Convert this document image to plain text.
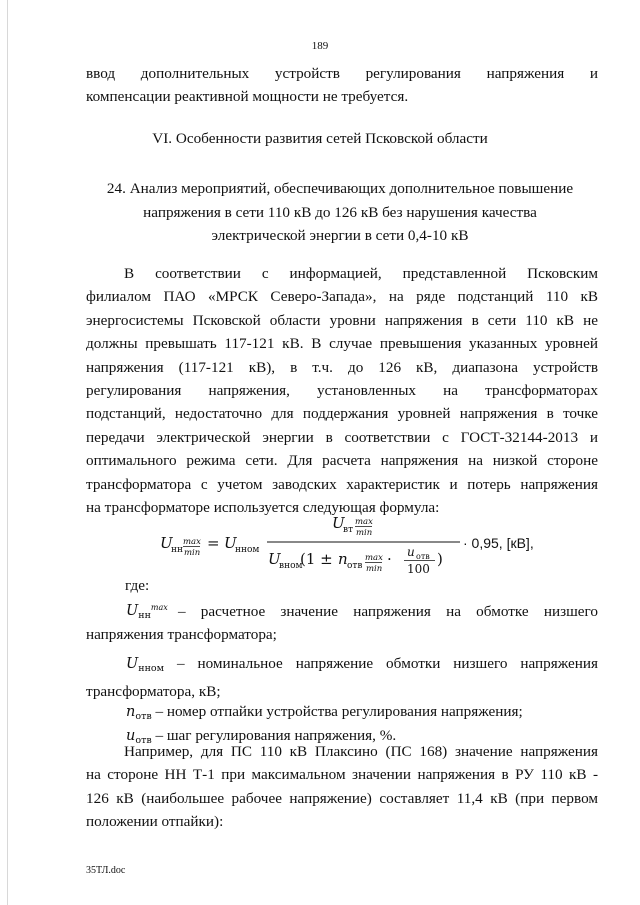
189
ввод дополнительных устройств регулирования напряжения и
компенсации реактивной мощности не требуется.
VI. Особенности развития сетей Псковской области
24. Анализ мероприятий, обеспечивающих дополнительное повышение
напряжения в сети 110 кВ до 126 кВ без нарушения качества
электрической энергии в сети 0,4-10 кВ
В соответствии с информацией, представленной Псковским
филиалом ПАО «МРСК Северо-Запада», на ряде подстанций 110 кВ
энергосистемы Псковской области уровни напряжения в сети 110 кВ не
должны превышать 117-121 кВ. В случае превышения указанных уровней
напряжения (117-121 кВ), в т.ч. до 126 кВ, диапазона устройств
регулирования напряжения, установленных на трансформаторах
подстанций, недостаточно для поддержания уровней напряжения в точке
передачи электрической энергии в соответствии с ГОСТ-32144-2013 и
оптимального режима сети. Для расчета напряжения на низкой стороне
трансформатора с учетом заводских характеристик и потерь напряжения
на трансформаторе используется следующая формула:
U
нн
max
min
= U
нном
U
вт
max
min
U
вном
(1 ± n отв
max
min
· u отв
100
)
· 0,95, [кВ],
где:
$U_{нн}^{max}$ – расчетное значение напряжения на обмотке низшего
напряжения трансформатора;
$U_{нном}$ – номинальное напряжение обмотки низшего напряжения
трансформатора, кВ;
$n_{отв}$ – номер отпайки устройства регулирования напряжения;
$u_{отв}$ – шаг регулирования напряжения, %.
Например, для ПС 110 кВ Плаксино (ПС 168) значение напряжения
на стороне НН Т-1 при максимальном значении напряжения в РУ 110 кВ -
126 кВ (наибольшее рабочее напряжение) составляет 11,4 кВ (при первом
положении отпайки):
35ТЛ.doc
